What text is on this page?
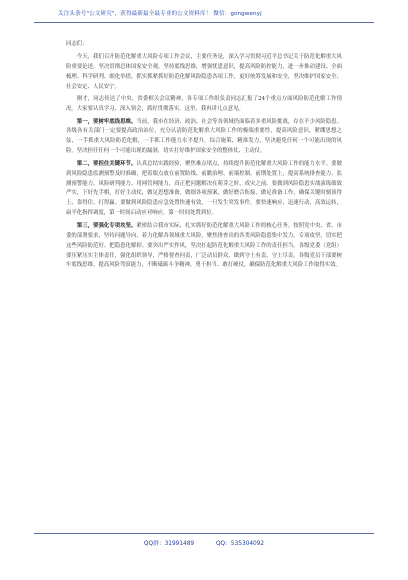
关注头条号"公文研究"，获得最新最全最专业的公文资料库！ 微信：gongwenyj

同志们：

今天，我们召开防范化解重大风险专项工作会议，主要任务是，深入学习贯彻习近平总书记关于防范化解重大风险重要论述，坚决贯彻总体国家安全观，坚持底线思维，增强忧患意识，提高风险防控能力，进一步推动建设、全面梳理、科学研判、细化举措，抓实抓紧抓好防范化解风险隐患各项工作，更好统筹发展和安全，坚决维护国家安全、社会安定、人民安宁。

刚才，同志传达了中央、省委相关会议精神，各专项工作组负责同志汇报了24个重点方面风险防范化解工作情况。大家要认真学习、深入领会，抓好贯彻落实。这里，我再讲几点意见。

第一，要树牢底线思维。当前，我市在经济、政治、社会等各领域仍面临着多重风险挑战，存在不少风险隐患。各级各有关部门一定要提高政治站位，充分认清防范化解重大风险工作的极端重要性，提高风险意识，紧绷思想之弦，一手抓重大风险防范化解，一手抓工作能力水平提升，综合施策、精准发力，坚决避免任何一个可能出现的风险。坚决担任任何一个可能出现的漏洞，切实打好维护国家安全的整体仗、主动仗。

第二，要担住关键环节。认真总结实践经验，聚焦难点堵点，持续提升防范化解重大风险工作的能力水平。要做到风险隐患监测预警及时准确，把着眼点放在前置防线、前瞻治理、前端控制、前期处置上，提高系统排查能力、监测预警能力、风险研判能力、用网管网能力，真正把问题解决在萌芽之时、成灾之前。要做到风险隐患实战演练细致严实，下好先手棋，打好主动仗，做足思想准备，做细各项预案，做好磨合衔接，做足准备工作，确保关键时刻顶得上、靠得住、打得赢。要做到风险隐患应急处置快速有效，一旦发生突发事件，要快速响应、迅速行动，高效运转，扁平化指挥调度，第一时间启动应对响应，第一时间处置到位。

第三，要强化专项攻坚。紧密结合我市实际，扎实抓好防范化解重大风险工作的核心任务。按照党中央、省、市委的部署要求，坚持问题导向，着力化解各领域重大风险，聚焦排查出的各类风险隐患集中发力。专项攻坚，切实把这些风险防范好、把隐患化解掉。要突出严实作风，坚决扛起防范化解重大风险工作的责任担当。各级党委（党组）要压紧压实主体责任，强化组织领导，严格督查问责，广泛动员群众，做到守土有责、守土尽责。各级党员干部要树牢底线思维，提高风险驾驭能力，不断砥砺斗争精神，勇于担当、敢打硬仗，确保防范化解重大风险工作取得实效。

QQ群：31991489	QQ：535304092
